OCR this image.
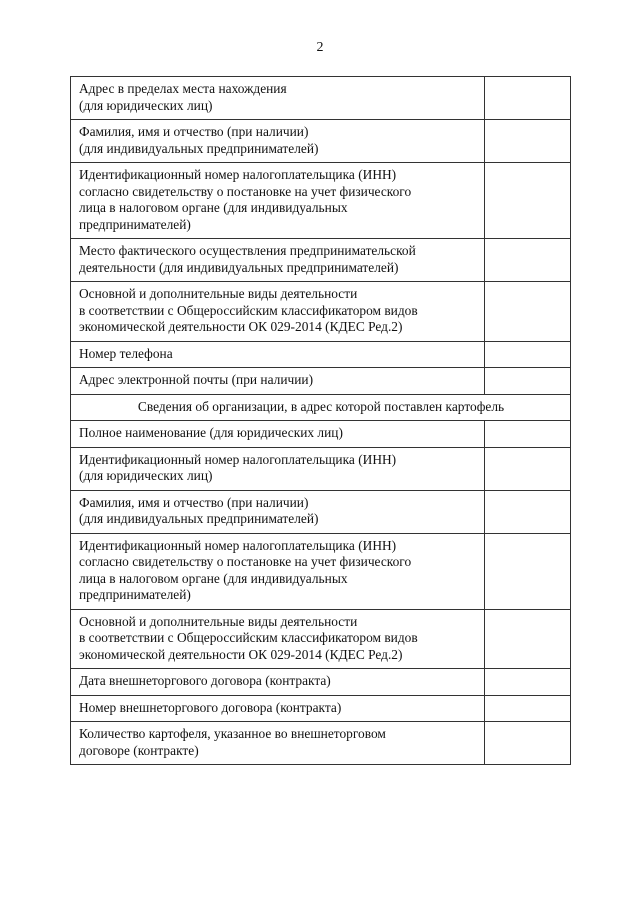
2
Адрес в пределах места нахождения
(для юридических лиц)	

Фамилия, имя и отчество (при наличии)
(для индивидуальных предпринимателей)	

Идентификационный номер налогоплательщика (ИНН)
согласно свидетельству о постановке на учет физического
лица в налоговом органе (для индивидуальных
предпринимателей)	

Место фактического осуществления предпринимательской
деятельности (для индивидуальных предпринимателей)	

Основной и дополнительные виды деятельности
в соответствии с Общероссийским классификатором видов
экономической деятельности ОК 029-2014 (КДЕС Ред.2)	

Номер телефона	

Адрес электронной почты (при наличии)	

Сведения об организации, в адрес которой поставлен картофель	

Полное наименование (для юридических лиц)	

Идентификационный номер налогоплательщика (ИНН)
(для юридических лиц)	

Фамилия, имя и отчество (при наличии)
(для индивидуальных предпринимателей)	

Идентификационный номер налогоплательщика (ИНН)
согласно свидетельству о постановке на учет физического
лица в налоговом органе (для индивидуальных
предпринимателей)	

Основной и дополнительные виды деятельности
в соответствии с Общероссийским классификатором видов
экономической деятельности ОК 029-2014 (КДЕС Ред.2)	

Дата внешнеторгового договора (контракта)	

Номер внешнеторгового договора (контракта)	

Количество картофеля, указанное во внешнеторговом
договоре (контракте)	
